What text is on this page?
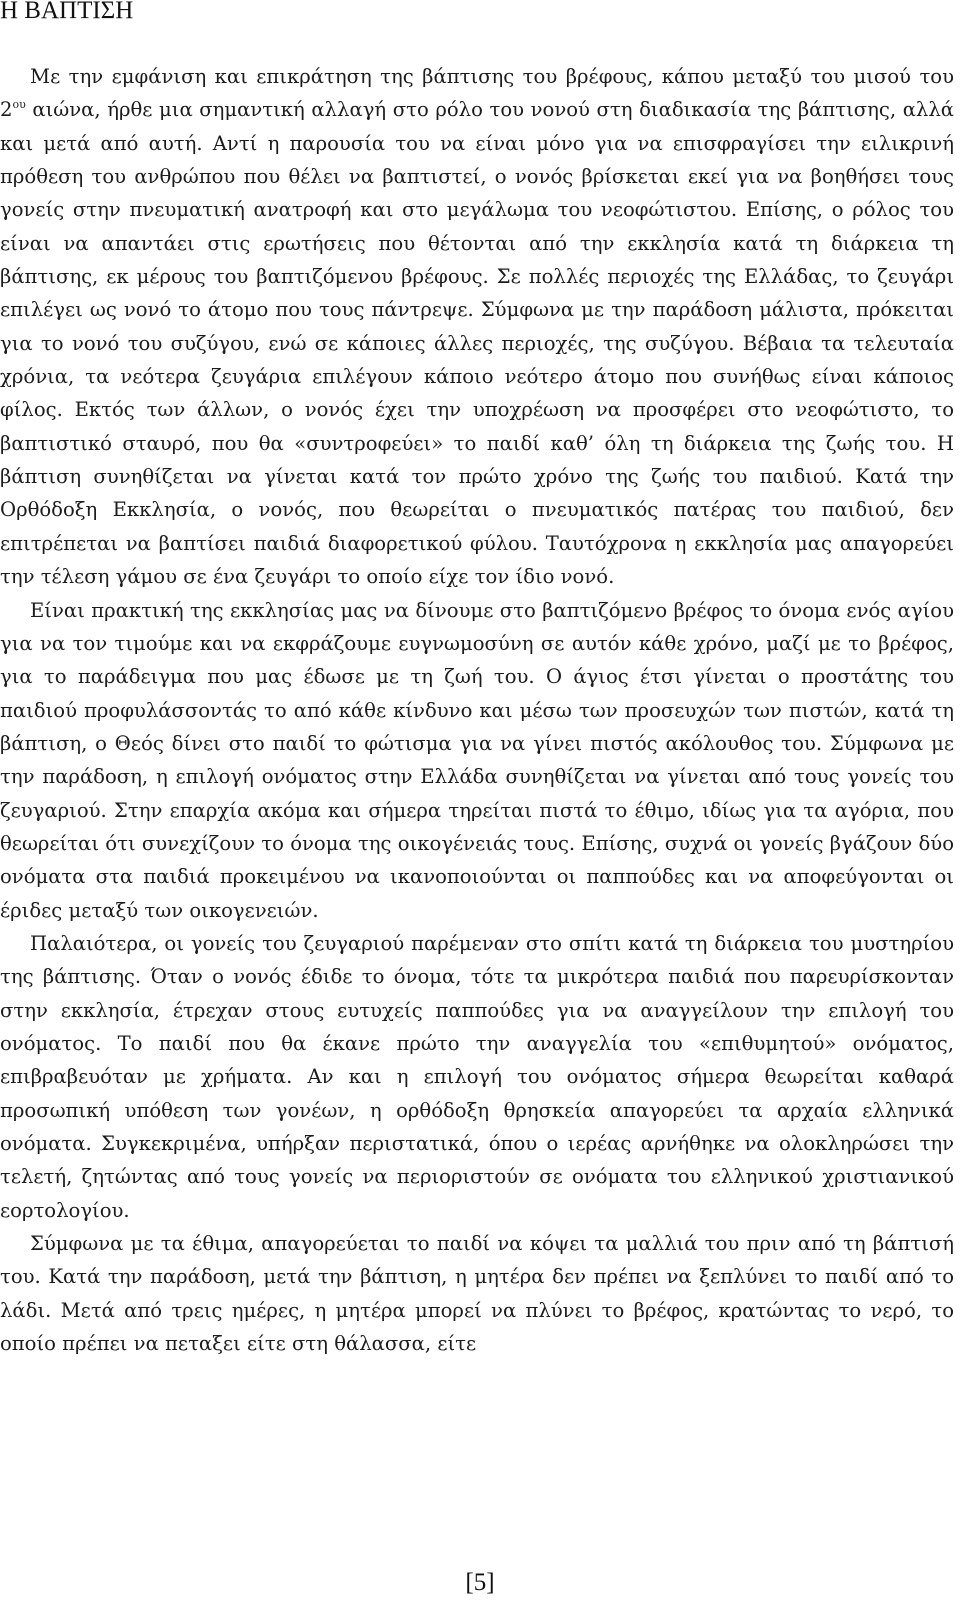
Η ΒΑΠΤΙΣΗ

Με την εμφάνιση και επικράτηση της βάπτισης του βρέφους, κάπου μεταξύ του μισού του $2^{o\upsilon}$ αιώνα, ήρθε μια σημαντική αλλαγή στο ρόλο του νονού στη διαδικασία της βάπτισης, αλλά και μετά από αυτή. Αντί η παρουσία του να είναι μόνο για να επισφραγίσει την ειλικρινή πρόθεση του ανθρώπου που θέλει να βαπτιστεί, ο νονός βρίσκεται εκεί για να βοηθήσει τους γονείς στην πνευματική ανατροφή και στο μεγάλωμα του νεοφώτιστου. Επίσης, ο ρόλος του είναι να απαντάει στις ερωτήσεις που θέτονται από την εκκλησία κατά τη διάρκεια τη βάπτισης, εκ μέρους του βαπτιζόμενου βρέφους. Σε πολλές περιοχές της Ελλάδας, το ζευγάρι επιλέγει ως νονό το άτομο που τους πάντρεψε. Σύμφωνα με την παράδοση μάλιστα, πρόκειται για το νονό του συζύγου, ενώ σε κάποιες άλλες περιοχές, της συζύγου. Βέβαια τα τελευταία χρόνια, τα νεότερα ζευγάρια επιλέγουν κάποιο νεότερο άτομο που συνήθως είναι κάποιος φίλος. Εκτός των άλλων, ο νονός έχει την υποχρέωση να προσφέρει στο νεοφώτιστο, το βαπτιστικό σταυρό, που θα «συντροφεύει» το παιδί καθ’ όλη τη διάρκεια της ζωής του. Η βάπτιση συνηθίζεται να γίνεται κατά τον πρώτο χρόνο της ζωής του παιδιού. Κατά την Ορθόδοξη Εκκλησία, ο νονός, που θεωρείται ο πνευματικός πατέρας του παιδιού, δεν επιτρέπεται να βαπτίσει παιδιά διαφορετικού φύλου. Ταυτόχρονα η εκκλησία μας απαγορεύει την τέλεση γάμου σε ένα ζευγάρι το οποίο είχε τον ίδιο νονό.

Είναι πρακτική της εκκλησίας μας να δίνουμε στο βαπτιζόμενο βρέφος το όνομα ενός αγίου για να τον τιμούμε και να εκφράζουμε ευγνωμοσύνη σε αυτόν κάθε χρόνο, μαζί με το βρέφος, για το παράδειγμα που μας έδωσε με τη ζωή του. Ο άγιος έτσι γίνεται ο προστάτης του παιδιού προφυλάσσοντάς το από κάθε κίνδυνο και μέσω των προσευχών των πιστών, κατά τη βάπτιση, ο Θεός δίνει στο παιδί το φώτισμα για να γίνει πιστός ακόλουθος του. Σύμφωνα με την παράδοση, η επιλογή ονόματος στην Ελλάδα συνηθίζεται να γίνεται από τους γονείς του ζευγαριού. Στην επαρχία ακόμα και σήμερα τηρείται πιστά το έθιμο, ιδίως για τα αγόρια, που θεωρείται ότι συνεχίζουν το όνομα της οικογένειάς τους. Επίσης, συχνά οι γονείς βγάζουν δύο ονόματα στα παιδιά προκειμένου να ικανοποιούνται οι παππούδες και να αποφεύγονται οι έριδες μεταξύ των οικογενειών.

Παλαιότερα, οι γονείς του ζευγαριού παρέμεναν στο σπίτι κατά τη διάρκεια του μυστηρίου της βάπτισης. Όταν ο νονός έδιδε το όνομα, τότε τα μικρότερα παιδιά που παρευρίσκονταν στην εκκλησία, έτρεχαν στους ευτυχείς παππούδες για να αναγγείλουν την επιλογή του ονόματος. Το παιδί που θα έκανε πρώτο την αναγγελία του «επιθυμητού» ονόματος, επιβραβευόταν με χρήματα. Αν και η επιλογή του ονόματος σήμερα θεωρείται καθαρά προσωπική υπόθεση των γονέων, η ορθόδοξη θρησκεία απαγορεύει τα αρχαία ελληνικά ονόματα. Συγκεκριμένα, υπήρξαν περιστατικά, όπου ο ιερέας αρνήθηκε να ολοκληρώσει την τελετή, ζητώντας από τους γονείς να περιοριστούν σε ονόματα του ελληνικού χριστιανικού εορτολογίου.

Σύμφωνα με τα έθιμα, απαγορεύεται το παιδί να κόψει τα μαλλιά του πριν από τη βάπτισή του. Κατά την παράδοση, μετά την βάπτιση, η μητέρα δεν πρέπει να ξεπλύνει το παιδί από το λάδι. Μετά από τρεις ημέρες, η μητέρα μπορεί να πλύνει το βρέφος, κρατώντας το νερό, το οποίο πρέπει να πεταξει είτε στη θάλασσα, είτε

[5]
